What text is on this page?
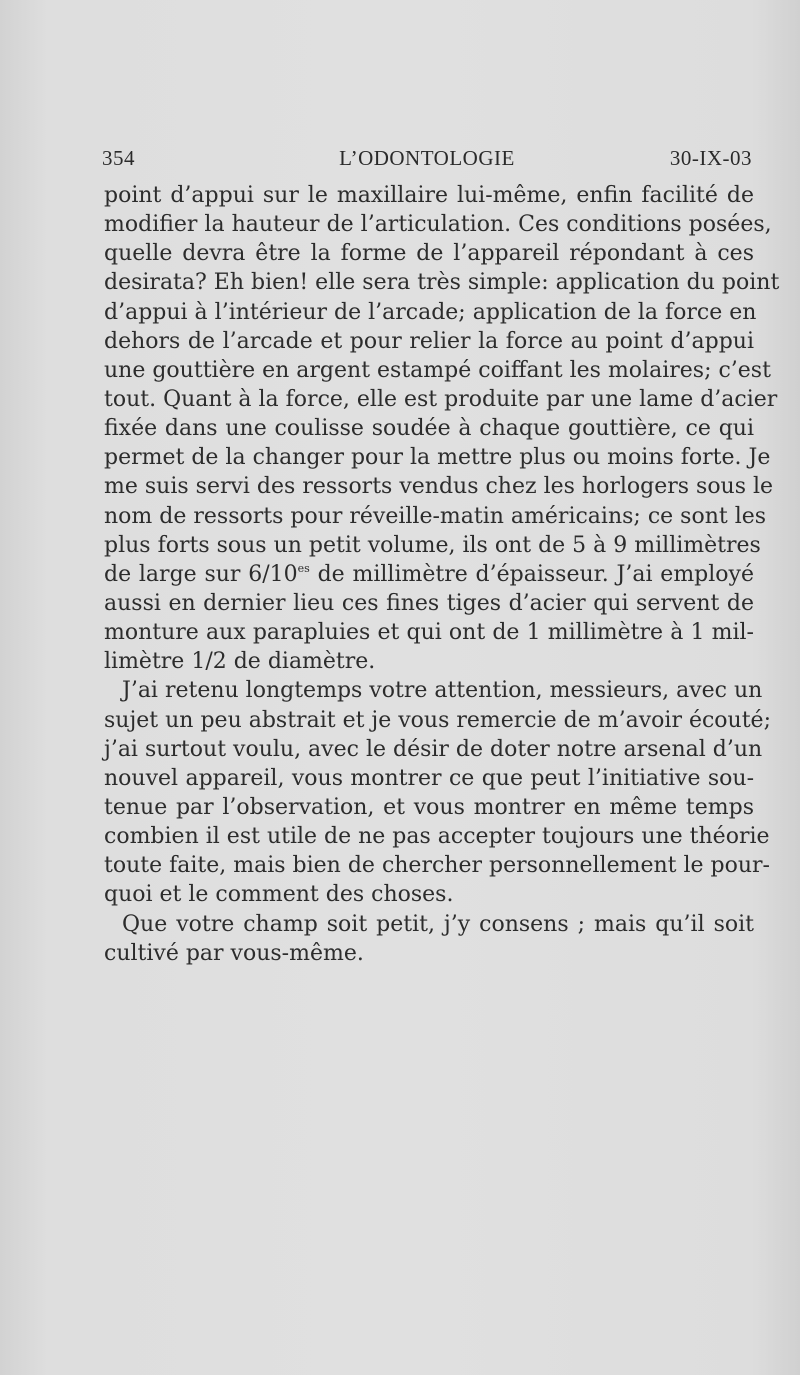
354	L’ODONTOLOGIE	30-IX-03
point d’appui sur le maxillaire lui-même, enfin facilité de
modifier la hauteur de l’articulation. Ces conditions posées,
quelle devra être la forme de l’appareil répondant à ces
desirata? Eh bien! elle sera très simple: application du point
d’appui à l’intérieur de l’arcade; application de la force en
dehors de l’arcade et pour relier la force au point d’appui
une gouttière en argent estampé coiffant les molaires; c’est
tout. Quant à la force, elle est produite par une lame d’acier
fixée dans une coulisse soudée à chaque gouttière, ce qui
permet de la changer pour la mettre plus ou moins forte. Je
me suis servi des ressorts vendus chez les horlogers sous le
nom de ressorts pour réveille-matin américains; ce sont les
plus forts sous un petit volume, ils ont de 5 à 9 millimètres
de large sur $6/10^{es}$ de millimètre d’épaisseur. J’ai employé
aussi en dernier lieu ces fines tiges d’acier qui servent de
monture aux parapluies et qui ont de 1 millimètre à 1 mil-
limètre 1/2 de diamètre.
J’ai retenu longtemps votre attention, messieurs, avec un
sujet un peu abstrait et je vous remercie de m’avoir écouté;
j’ai surtout voulu, avec le désir de doter notre arsenal d’un
nouvel appareil, vous montrer ce que peut l’initiative sou-
tenue par l’observation, et vous montrer en même temps
combien il est utile de ne pas accepter toujours une théorie
toute faite, mais bien de chercher personnellement le pour-
quoi et le comment des choses.
Que votre champ soit petit, j’y consens ; mais qu’il soit
cultivé par vous-même.
